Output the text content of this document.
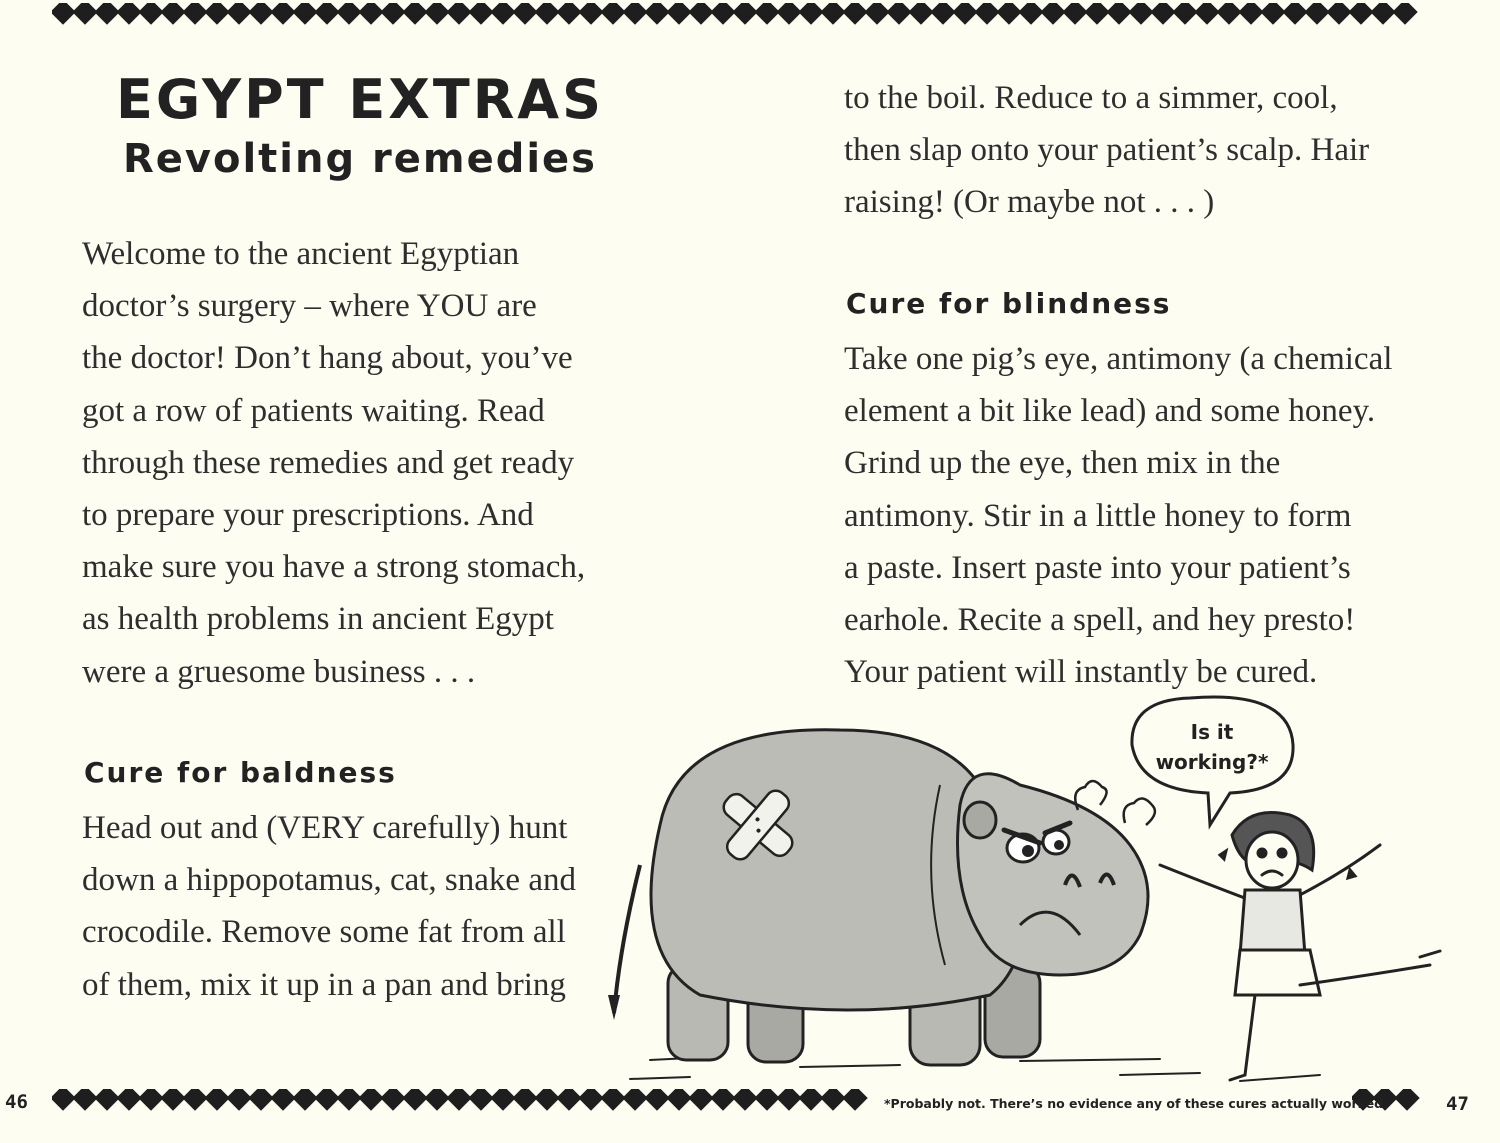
EGYPT EXTRAS
Revolting remedies
Welcome to the ancient Egyptian
doctor’s surgery – where YOU are
the doctor! Don’t hang about, you’ve
got a row of patients waiting. Read
through these remedies and get ready
to prepare your prescriptions. And
make sure you have a strong stomach,
as health problems in ancient Egypt
were a gruesome business . . .
Cure for baldness
Head out and (VERY carefully) hunt
down a hippopotamus, cat, snake and
crocodile. Remove some fat from all
of them, mix it up in a pan and bring
to the boil. Reduce to a simmer, cool,
then slap onto your patient’s scalp. Hair
raising! (Or maybe not . . . )
Cure for blindness
Take one pig’s eye, antimony (a chemical
element a bit like lead) and some honey.
Grind up the eye, then mix in the
antimony. Stir in a little honey to form
a paste. Insert paste into your patient’s
earhole. Recite a spell, and hey presto!
Your patient will instantly be cured.
Is it
working?*
*Probably not. There’s no evidence any of these cures actually worked.
46	47
